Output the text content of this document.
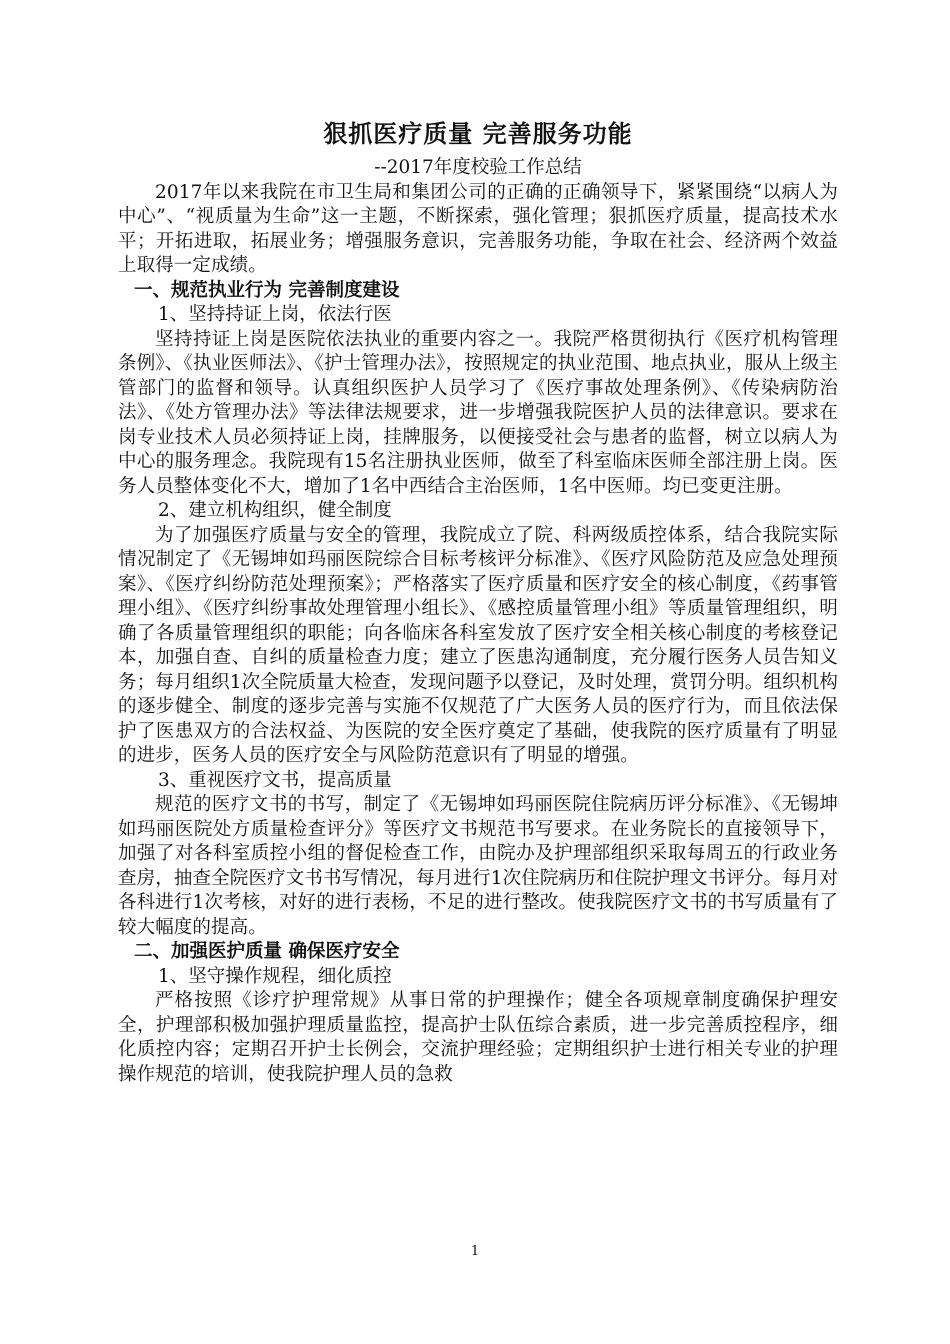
狠抓医疗质量 完善服务功能
--2017年度校验工作总结

2017年以来我院在市卫生局和集团公司的正确的正确领导下，紧紧围绕“以病人为中心”、“视质量为生命”这一主题，不断探索，强化管理；狠抓医疗质量，提高技术水平；开拓进取，拓展业务；增强服务意识，完善服务功能，争取在社会、经济两个效益上取得一定成绩。

一、规范执业行为 完善制度建设
1、坚持持证上岗，依法行医

坚持持证上岗是医院依法执业的重要内容之一。我院严格贯彻执行《医疗机构管理条例》、《执业医师法》、《护士管理办法》，按照规定的执业范围、地点执业，服从上级主管部门的监督和领导。认真组织医护人员学习了《医疗事故处理条例》、《传染病防治法》、《处方管理办法》等法律法规要求，进一步增强我院医护人员的法律意识。要求在岗专业技术人员必须持证上岗，挂牌服务，以便接受社会与患者的监督，树立以病人为中心的服务理念。我院现有15名注册执业医师，做至了科室临床医师全部注册上岗。医务人员整体变化不大，增加了1名中西结合主治医师，1名中医师。均已变更注册。

2、建立机构组织，健全制度

为了加强医疗质量与安全的管理，我院成立了院、科两级质控体系，结合我院实际情况制定了《无锡坤如玛丽医院综合目标考核评分标准》、《医疗风险防范及应急处理预案》、《医疗纠纷防范处理预案》；严格落实了医疗质量和医疗安全的核心制度，《药事管理小组》、《医疗纠纷事故处理管理小组长》、《感控质量管理小组》等质量管理组织，明确了各质量管理组织的职能；向各临床各科室发放了医疗安全相关核心制度的考核登记本，加强自查、自纠的质量检查力度；建立了医患沟通制度，充分履行医务人员告知义务；每月组织1次全院质量大检查，发现问题予以登记，及时处理，赏罚分明。组织机构的逐步健全、制度的逐步完善与实施不仅规范了广大医务人员的医疗行为，而且依法保护了医患双方的合法权益、为医院的安全医疗奠定了基础，使我院的医疗质量有了明显的进步，医务人员的医疗安全与风险防范意识有了明显的增强。

3、重视医疗文书，提高质量

规范的医疗文书的书写，制定了《无锡坤如玛丽医院住院病历评分标准》、《无锡坤如玛丽医院处方质量检查评分》等医疗文书规范书写要求。在业务院长的直接领导下，加强了对各科室质控小组的督促检查工作，由院办及护理部组织采取每周五的行政业务查房，抽查全院医疗文书书写情况，每月进行1次住院病历和住院护理文书评分。每月对各科进行1次考核，对好的进行表杨，不足的进行整改。使我院医疗文书的书写质量有了较大幅度的提高。

二、加强医护质量 确保医疗安全
1、坚守操作规程，细化质控

严格按照《诊疗护理常规》从事日常的护理操作；健全各项规章制度确保护理安全，护理部积极加强护理质量监控，提高护士队伍综合素质，进一步完善质控程序，细化质控内容；定期召开护士长例会，交流护理经验；定期组织护士进行相关专业的护理操作规范的培训，使我院护理人员的急救

1
